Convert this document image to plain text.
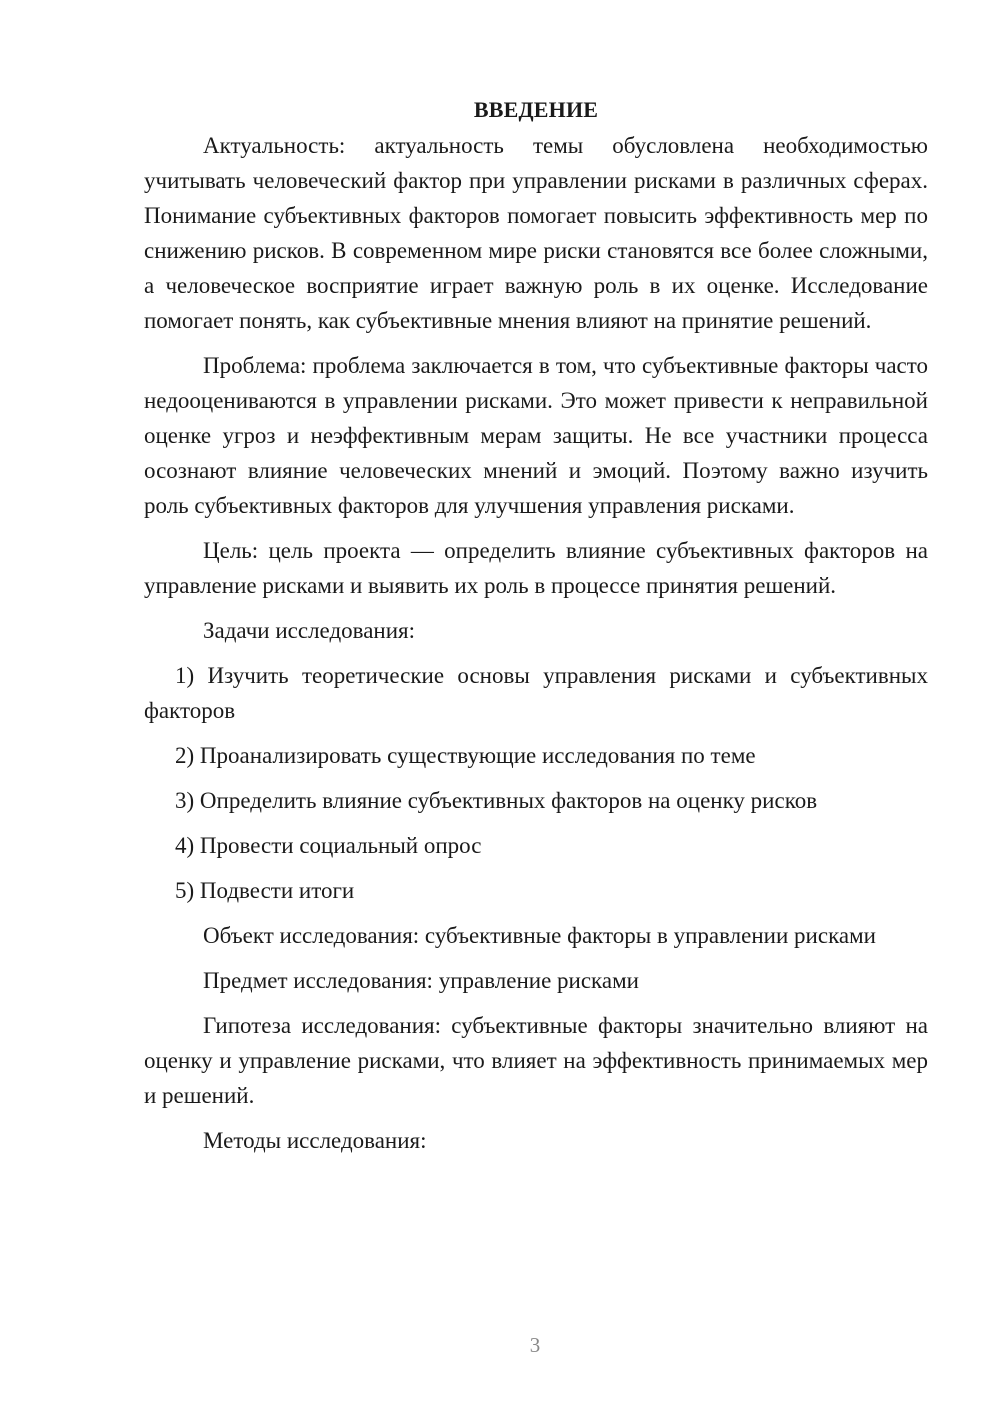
ВВЕДЕНИЕ

Актуальность: актуальность темы обусловлена необходимостью учитывать человеческий фактор при управлении рисками в различных сферах. Понимание субъективных факторов помогает повысить эффективность мер по снижению рисков. В современном мире риски становятся все более сложными, а человеческое восприятие играет важную роль в их оценке. Исследование помогает понять, как субъективные мнения влияют на принятие решений.

Проблема: проблема заключается в том, что субъективные факторы часто недооцениваются в управлении рисками. Это может привести к неправильной оценке угроз и неэффективным мерам защиты. Не все участники процесса осознают влияние человеческих мнений и эмоций. Поэтому важно изучить роль субъективных факторов для улучшения управления рисками.

Цель: цель проекта — определить влияние субъективных факторов на управление рисками и выявить их роль в процессе принятия решений.

Задачи исследования:

1) Изучить теоретические основы управления рисками и субъективных факторов

2) Проанализировать существующие исследования по теме

3) Определить влияние субъективных факторов на оценку рисков

4) Провести социальный опрос

5) Подвести итоги

Объект исследования: субъективные факторы в управлении рисками

Предмет исследования: управление рисками

Гипотеза исследования: субъективные факторы значительно влияют на оценку и управление рисками, что влияет на эффективность принимаемых мер и решений.

Методы исследования:

3
